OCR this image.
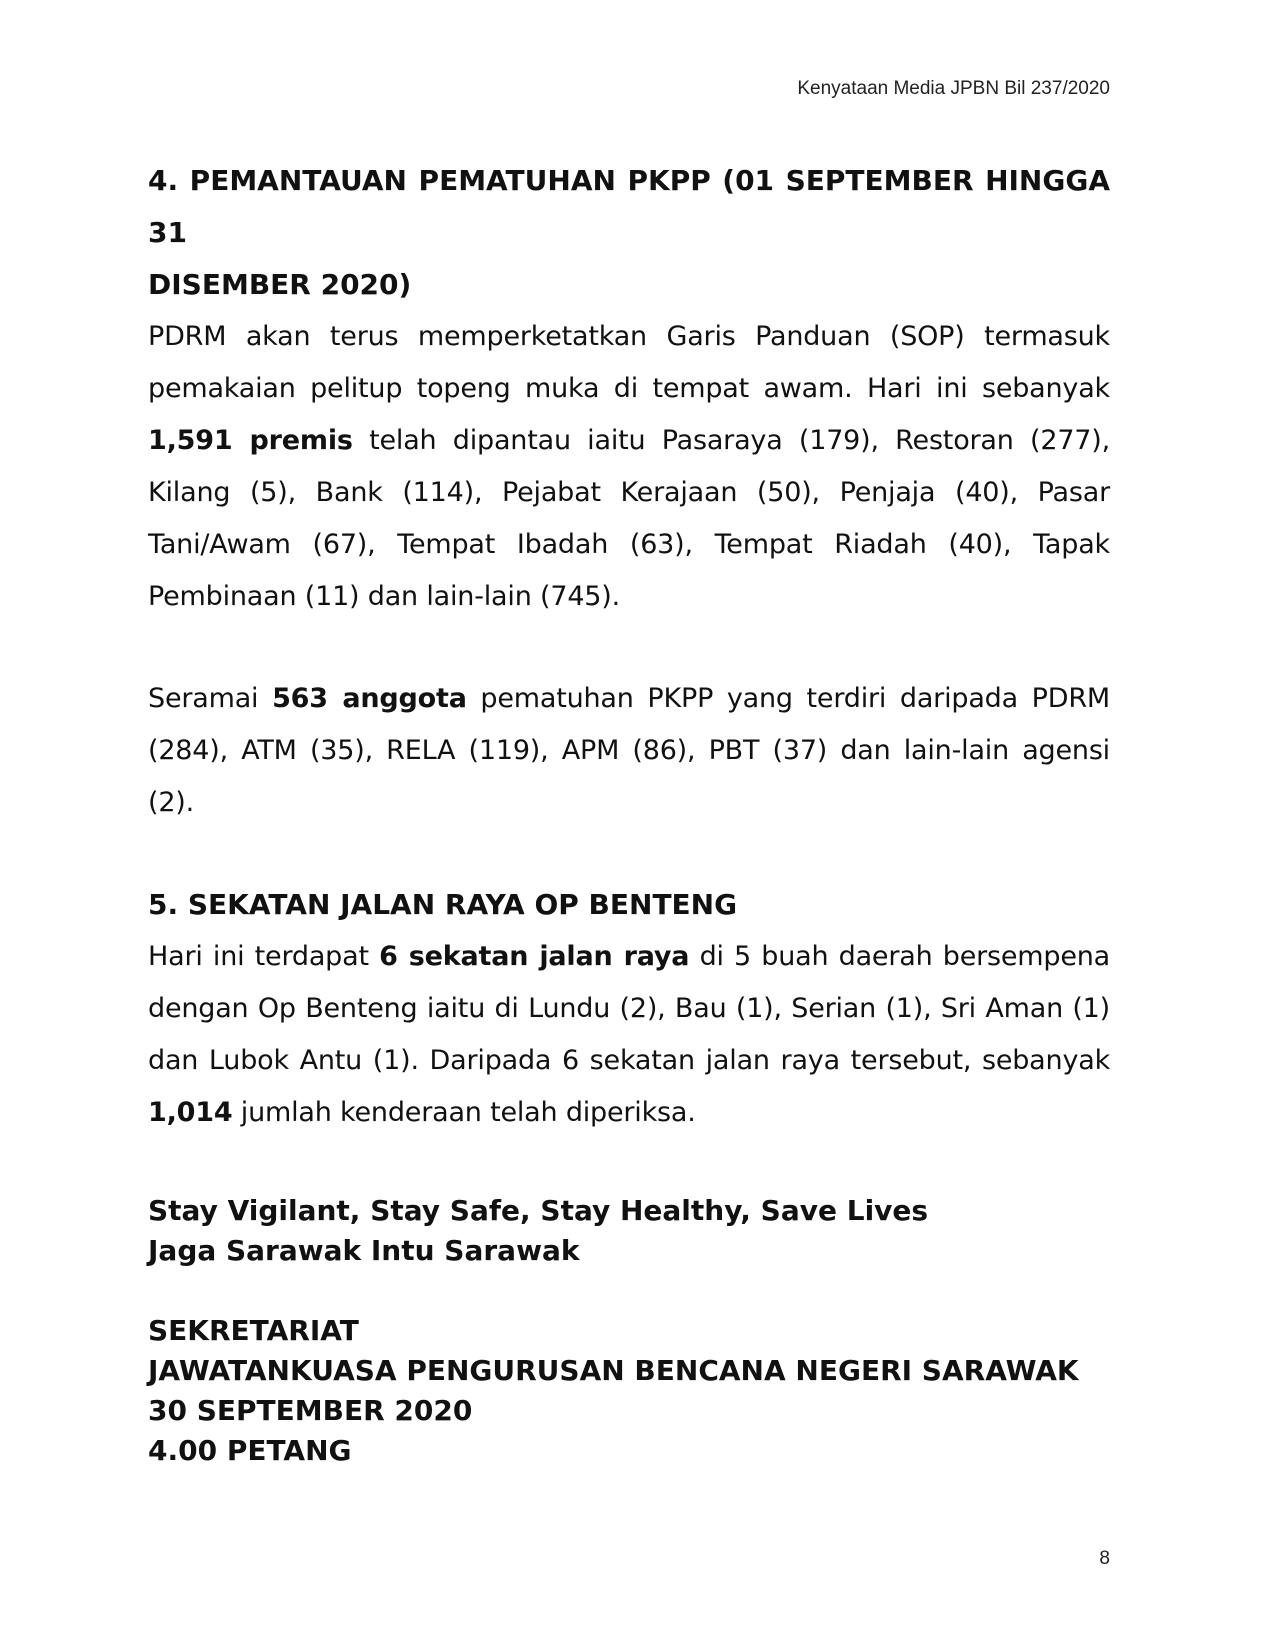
Kenyataan Media JPBN Bil 237/2020
4. PEMANTAUAN PEMATUHAN PKPP (01 SEPTEMBER HINGGA 31
DISEMBER 2020)

PDRM akan terus memperketatkan Garis Panduan (SOP) termasuk pemakaian pelitup topeng muka di tempat awam. Hari ini sebanyak 1,591 premis telah dipantau iaitu Pasaraya (179), Restoran (277), Kilang (5), Bank (114), Pejabat Kerajaan (50), Penjaja (40), Pasar Tani/Awam (67), Tempat Ibadah (63), Tempat Riadah (40), Tapak Pembinaan (11) dan lain-lain (745).

Seramai 563 anggota pematuhan PKPP yang terdiri daripada PDRM (284), ATM (35), RELA (119), APM (86), PBT (37) dan lain-lain agensi (2).

5. SEKATAN JALAN RAYA OP BENTENG

Hari ini terdapat 6 sekatan jalan raya di 5 buah daerah bersempena dengan Op Benteng iaitu di Lundu (2), Bau (1), Serian (1), Sri Aman (1) dan Lubok Antu (1). Daripada 6 sekatan jalan raya tersebut, sebanyak 1,014 jumlah kenderaan telah diperiksa.

Stay Vigilant, Stay Safe, Stay Healthy, Save Lives

Jaga Sarawak Intu Sarawak

SEKRETARIAT

JAWATANKUASA PENGURUSAN BENCANA NEGERI SARAWAK

30 SEPTEMBER 2020

4.00 PETANG

8
